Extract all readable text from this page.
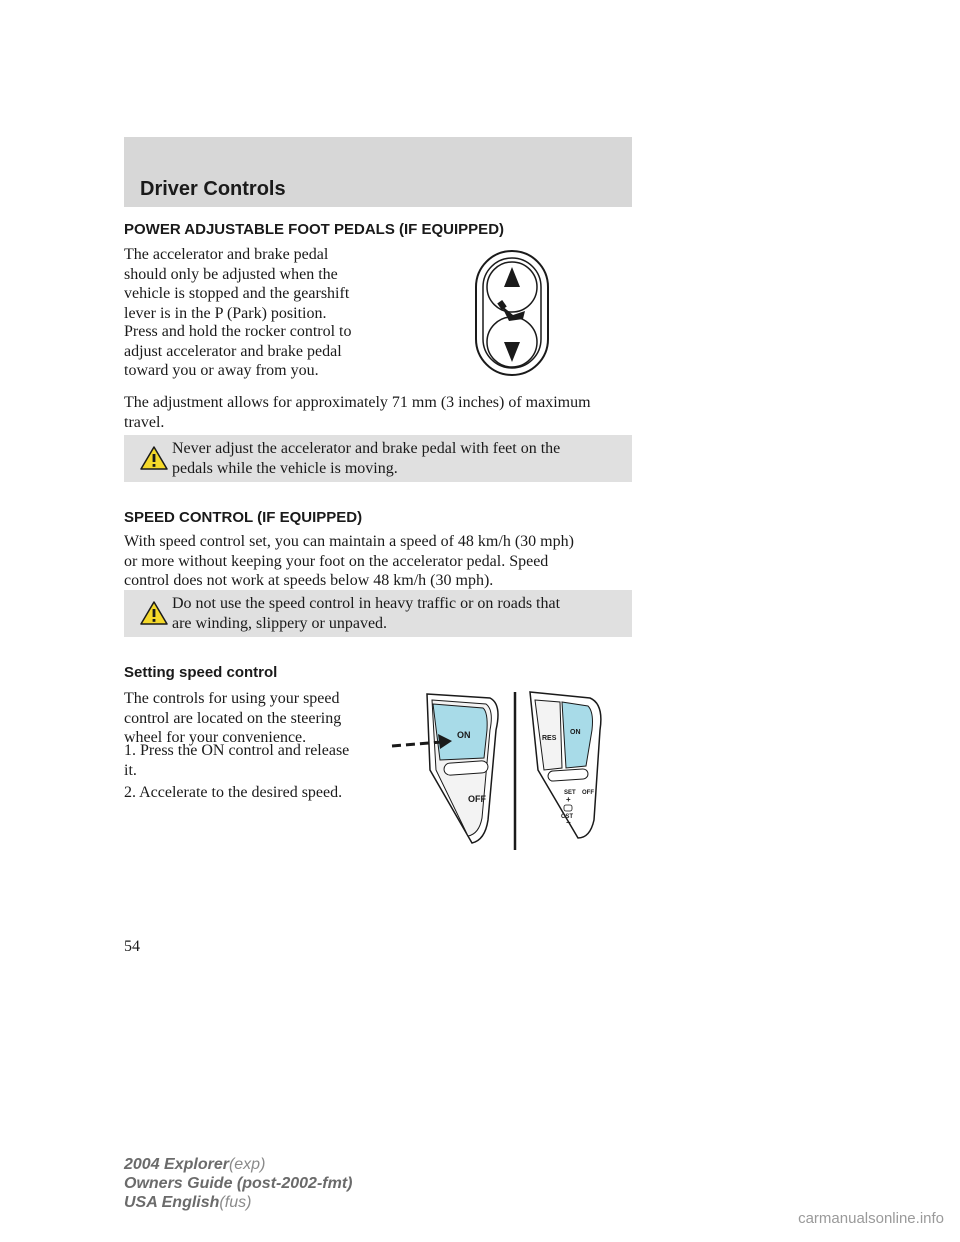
Driver Controls
POWER ADJUSTABLE FOOT PEDALS (IF EQUIPPED)
The accelerator and brake pedal
should only be adjusted when the
vehicle is stopped and the gearshift
lever is in the P (Park) position.
Press and hold the rocker control to
adjust accelerator and brake pedal
toward you or away from you.
The adjustment allows for approximately 71 mm (3 inches) of maximum
travel.
Never adjust the accelerator and brake pedal with feet on the
pedals while the vehicle is moving.
SPEED CONTROL (IF EQUIPPED)
With speed control set, you can maintain a speed of 48 km/h (30 mph)
or more without keeping your foot on the accelerator pedal. Speed
control does not work at speeds below 48 km/h (30 mph).
Do not use the speed control in heavy traffic or on roads that
are winding, slippery or unpaved.
Setting speed control
The controls for using your speed
control are located on the steering
wheel for your convenience.
1. Press the ON control and release
it.
2. Accelerate to the desired speed.
ON
OFF
RES
ON
SET
+
CST
−
OFF
54
2004 Explorer(exp)
Owners Guide (post-2002-fmt)
USA English(fus)
carmanualsonline.info
